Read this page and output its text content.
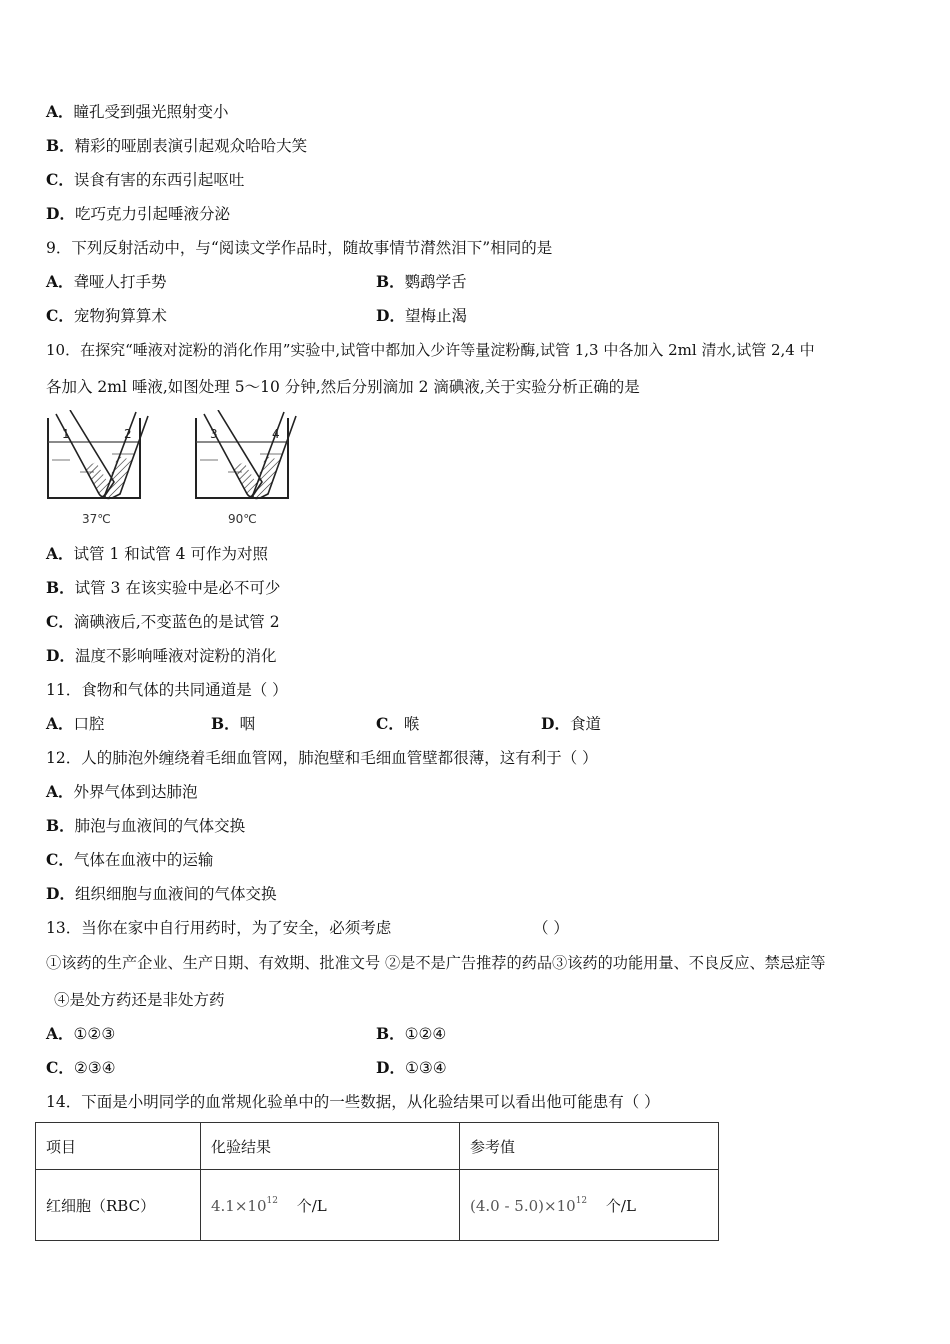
A．瞳孔受到强光照射变小
B．精彩的哑剧表演引起观众哈哈大笑
C．误食有害的东西引起呕吐
D．吃巧克力引起唾液分泌
9．下列反射活动中，与“阅读文学作品时，随故事情节潸然泪下”相同的是
A．聋哑人打手势	B．鹦鹉学舌
C．宠物狗算算术	D．望梅止渴
10．在探究“唾液对淀粉的消化作用”实验中,试管中都加入少许等量淀粉酶,试管 1,3 中各加入 2ml 清水,试管 2,4 中
各加入 2ml 唾液,如图处理 5～10 分钟,然后分别滴加 2 滴碘液,关于实验分析正确的是
1	2
37℃
3	4
90℃
A．试管 1 和试管 4 可作为对照
B．试管 3 在该实验中是必不可少
C．滴碘液后,不变蓝色的是试管 2
D．温度不影响唾液对淀粉的消化
11．食物和气体的共同通道是（ ）
A．口腔	B．咽	C．喉	D．食道
12．人的肺泡外缠绕着毛细血管网，肺泡壁和毛细血管壁都很薄，这有利于（ ）
A．外界气体到达肺泡
B．肺泡与血液间的气体交换
C．气体在血液中的运输
D．组织细胞与血液间的气体交换
13．当你在家中自行用药时，为了安全，必须考虑	（ ）
①该药的生产企业、生产日期、有效期、批准文号 ②是不是广告推荐的药品③该药的功能用量、不良反应、禁忌症等
④是处方药还是非处方药
A．①②③	B．①②④
C．②③④	D．①③④
14．下面是小明同学的血常规化验单中的一些数据，从化验结果可以看出他可能患有（ ）
项目	化验结果	参考值
红细胞（RBC）	$4.1\times 10^{12}$ 个/L	$(4.0 - 5.0)\times 10^{12}$ 个/L
